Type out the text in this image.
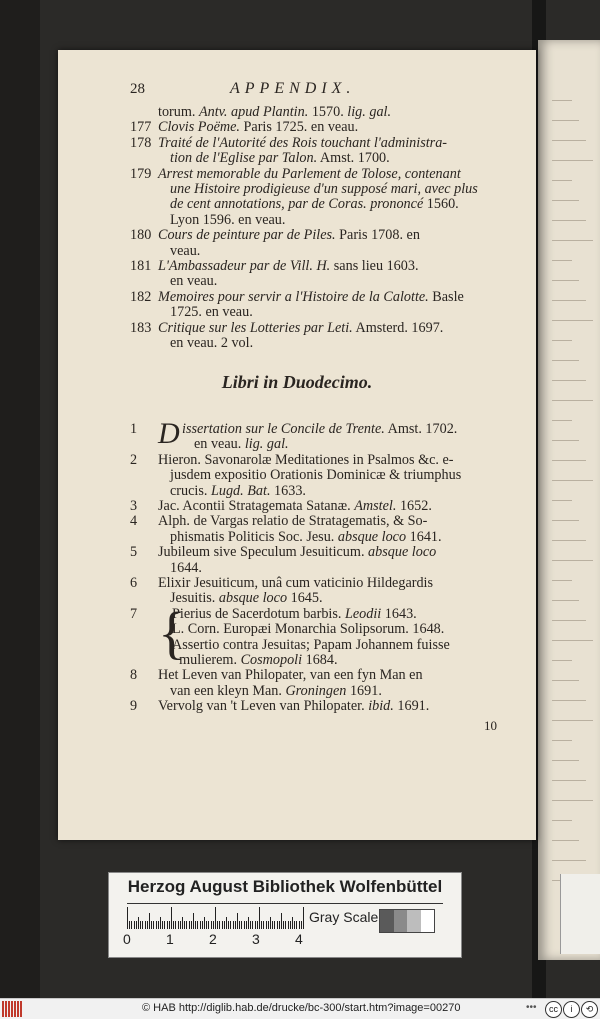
28	APPENDIX.
torum. Antv. apud Plantin. 1570. lig. gal.
177 Clovis Poëme. Paris 1725. en veau.
178 Traité de l'Autorité des Rois touchant l'administra-
tion de l'Eglise par Talon. Amst. 1700.
179 Arrest memorable du Parlement de Tolose, contenant
une Histoire prodigieuse d'un supposé mari, avec plus
de cent annotations, par de Coras. prononcé 1560.
Lyon 1596. en veau.
180 Cours de peinture par de Piles. Paris 1708. en
veau.
181 L'Ambassadeur par de Vill. H. sans lieu 1603.
en veau.
182 Memoires pour servir a l'Histoire de la Calotte. Basle
1725. en veau.
183 Critique sur les Lotteries par Leti. Amsterd. 1697.
en veau. 2 vol.
Libri in Duodecimo.
1	issertation sur le Concile de Trente. Amst. 1702.
en veau. lig. gal.
2	Hieron. Savonarolæ Meditationes in Psalmos &c. e-
jusdem expositio Orationis Dominicæ & triumphus
crucis. Lugd. Bat. 1633.
3	Jac. Acontii Stratagemata Satanæ. Amstel. 1652.
4	Alph. de Vargas relatio de Stratagematis, & So-
phismatis Politicis Soc. Jesu. absque loco 1641.
5	Jubileum sive Speculum Jesuiticum. absque loco
1644.
6	Elixir Jesuiticum, unâ cum vaticinio Hildegardis
Jesuitis. absque loco 1645.
7	Pierius de Sacerdotum barbis. Leodii 1643.
L. Corn. Europæi Monarchia Solipsorum. 1648.
Assertio contra Jesuitas; Papam Johannem fuisse
mulierem. Cosmopoli 1684.
8	Het Leven van Philopater, van een fyn Man en
van een kleyn Man. Groningen 1691.
9	Vervolg van 't Leven van Philopater. ibid. 1691.
D
{
10
Herzog August Bibliothek Wolfenbüttel
0	1	2	3	4
Gray Scale
© HAB http://diglib.hab.de/drucke/bc-300/start.htm?image=00270	•••	cc	i	⟲
